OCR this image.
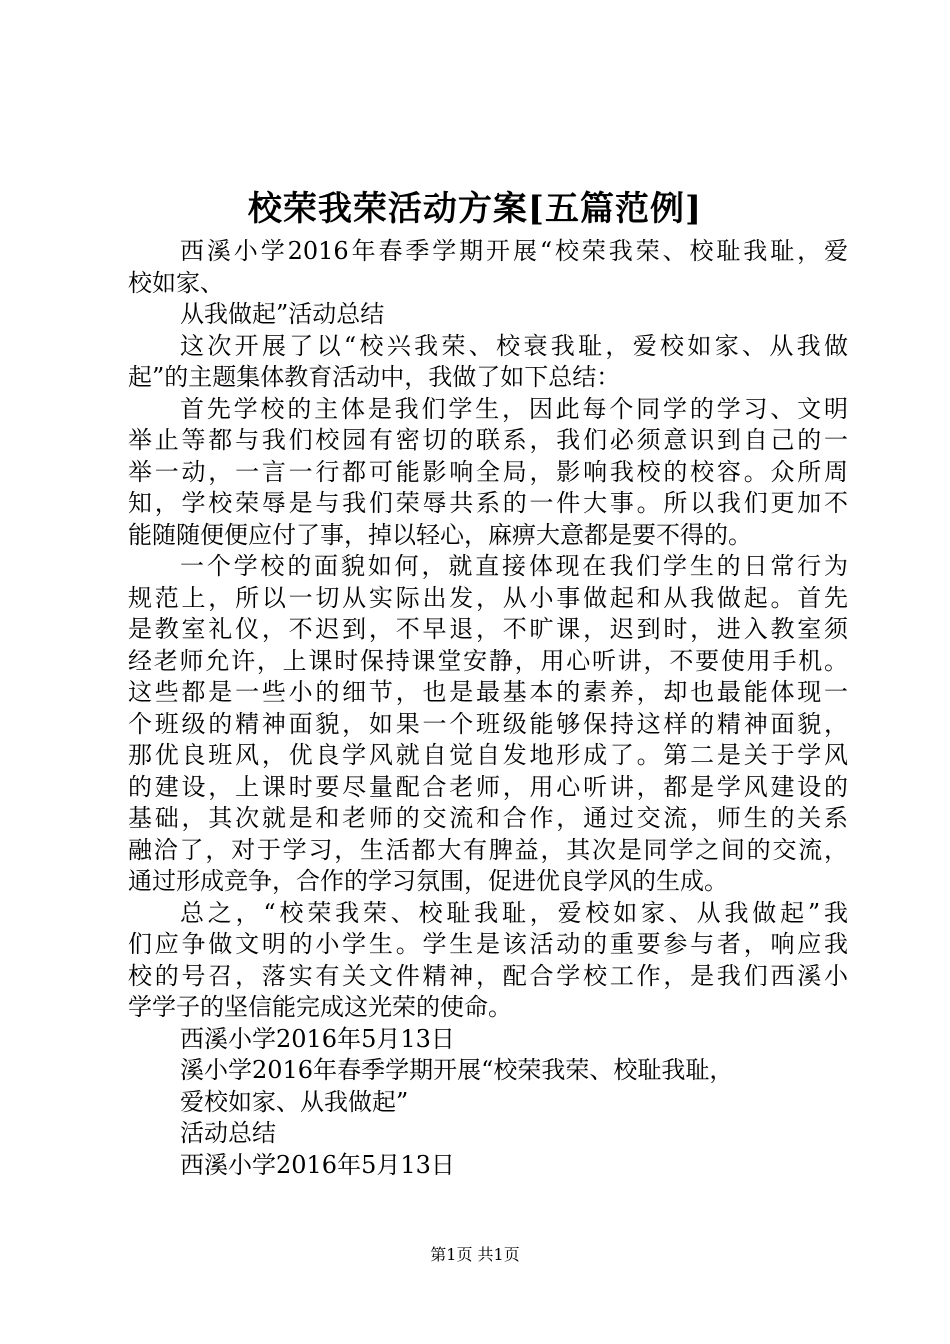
校荣我荣活动方案[五篇范例]
西溪小学2016年春季学期开展“校荣我荣、校耻我耻，爱
校如家、
从我做起”活动总结
这次开展了以“校兴我荣、校衰我耻，爱校如家、从我做
起”的主题集体教育活动中，我做了如下总结：
首先学校的主体是我们学生，因此每个同学的学习、文明
举止等都与我们校园有密切的联系，我们必须意识到自己的一
举一动，一言一行都可能影响全局，影响我校的校容。众所周
知，学校荣辱是与我们荣辱共系的一件大事。所以我们更加不
能随随便便应付了事，掉以轻心，麻痹大意都是要不得的。
一个学校的面貌如何，就直接体现在我们学生的日常行为
规范上，所以一切从实际出发，从小事做起和从我做起。首先
是教室礼仪，不迟到，不早退，不旷课，迟到时，进入教室须
经老师允许，上课时保持课堂安静，用心听讲，不要使用手机。
这些都是一些小的细节，也是最基本的素养，却也最能体现一
个班级的精神面貌，如果一个班级能够保持这样的精神面貌，
那优良班风，优良学风就自觉自发地形成了。第二是关于学风
的建设，上课时要尽量配合老师，用心听讲，都是学风建设的
基础，其次就是和老师的交流和合作，通过交流，师生的关系
融洽了，对于学习，生活都大有脾益，其次是同学之间的交流，
通过形成竞争，合作的学习氛围，促进优良学风的生成。
总之，“校荣我荣、校耻我耻，爱校如家、从我做起”我
们应争做文明的小学生。学生是该活动的重要参与者，响应我
校的号召，落实有关文件精神，配合学校工作，是我们西溪小
学学子的坚信能完成这光荣的使命。
西溪小学2016年5月13日
溪小学2016年春季学期开展“校荣我荣、校耻我耻，
爱校如家、从我做起”
活动总结
西溪小学2016年5月13日
第1页 共1页
